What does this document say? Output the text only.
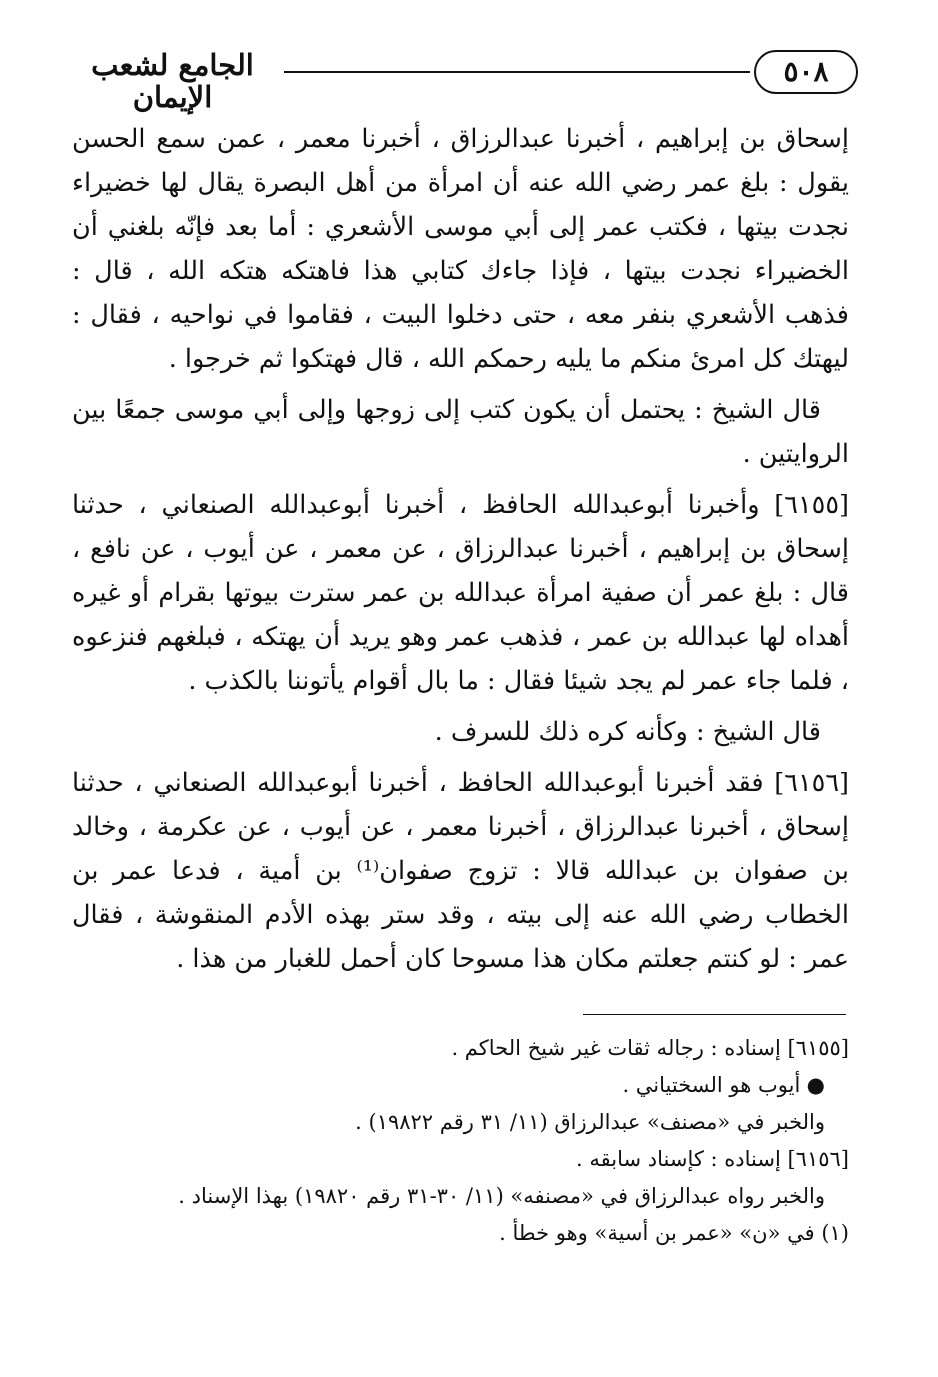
٥٠٨
الجامع لشعب الإيمان

إسحاق بن إبراهيم ، أخبرنا عبدالرزاق ، أخبرنا معمر ، عمن سمع الحسن يقول : بلغ عمر رضي الله عنه أن امرأة من أهل البصرة يقال لها خضيراء نجدت بيتها ، فكتب عمر إلى أبي موسى الأشعري : أما بعد فإنّه بلغني أن الخضيراء نجدت بيتها ، فإذا جاءك كتابي هذا فاهتكه هتكه الله ، قال : فذهب الأشعري بنفر معه ، حتى دخلوا البيت ، فقاموا في نواحيه ، فقال : ليهتك كل امرئ منكم ما يليه رحمكم الله ، قال فهتكوا ثم خرجوا .

قال الشيخ : يحتمل أن يكون كتب إلى زوجها وإلى أبي موسى جمعًا بين الروايتين .

[٦١٥٥] وأخبرنا أبوعبدالله الحافظ ، أخبرنا أبوعبدالله الصنعاني ، حدثنا إسحاق بن إبراهيم ، أخبرنا عبدالرزاق ، عن معمر ، عن أيوب ، عن نافع ، قال : بلغ عمر أن صفية امرأة عبدالله بن عمر سترت بيوتها بقرام أو غيره أهداه لها عبدالله بن عمر ، فذهب عمر وهو يريد أن يهتكه ، فبلغهم فنزعوه ، فلما جاء عمر لم يجد شيئا فقال : ما بال أقوام يأتوننا بالكذب .

قال الشيخ : وكأنه كره ذلك للسرف .

[٦١٥٦] فقد أخبرنا أبوعبدالله الحافظ ، أخبرنا أبوعبدالله الصنعاني ، حدثنا إسحاق ، أخبرنا عبدالرزاق ، أخبرنا معمر ، عن أيوب ، عن عكرمة ، وخالد بن صفوان بن عبدالله قالا : تزوج صفوان⁽¹⁾ بن أمية ، فدعا عمر بن الخطاب رضي الله عنه إلى بيته ، وقد ستر بهذه الأدم المنقوشة ، فقال عمر : لو كنتم جعلتم مكان هذا مسوحا كان أحمل للغبار من هذا .

[٦١٥٥] إسناده : رجاله ثقات غير شيخ الحاكم .

● أيوب هو السختياني .

والخبر في «مصنف» عبدالرزاق (١١/ ٣١ رقم ١٩٨٢٢) .

[٦١٥٦] إسناده : كإسناد سابقه .

والخبر رواه عبدالرزاق في «مصنفه» (١١/ ٣٠-٣١ رقم ١٩٨٢٠) بهذا الإسناد .

(١) في «ن» «عمر بن أسية» وهو خطأ .
